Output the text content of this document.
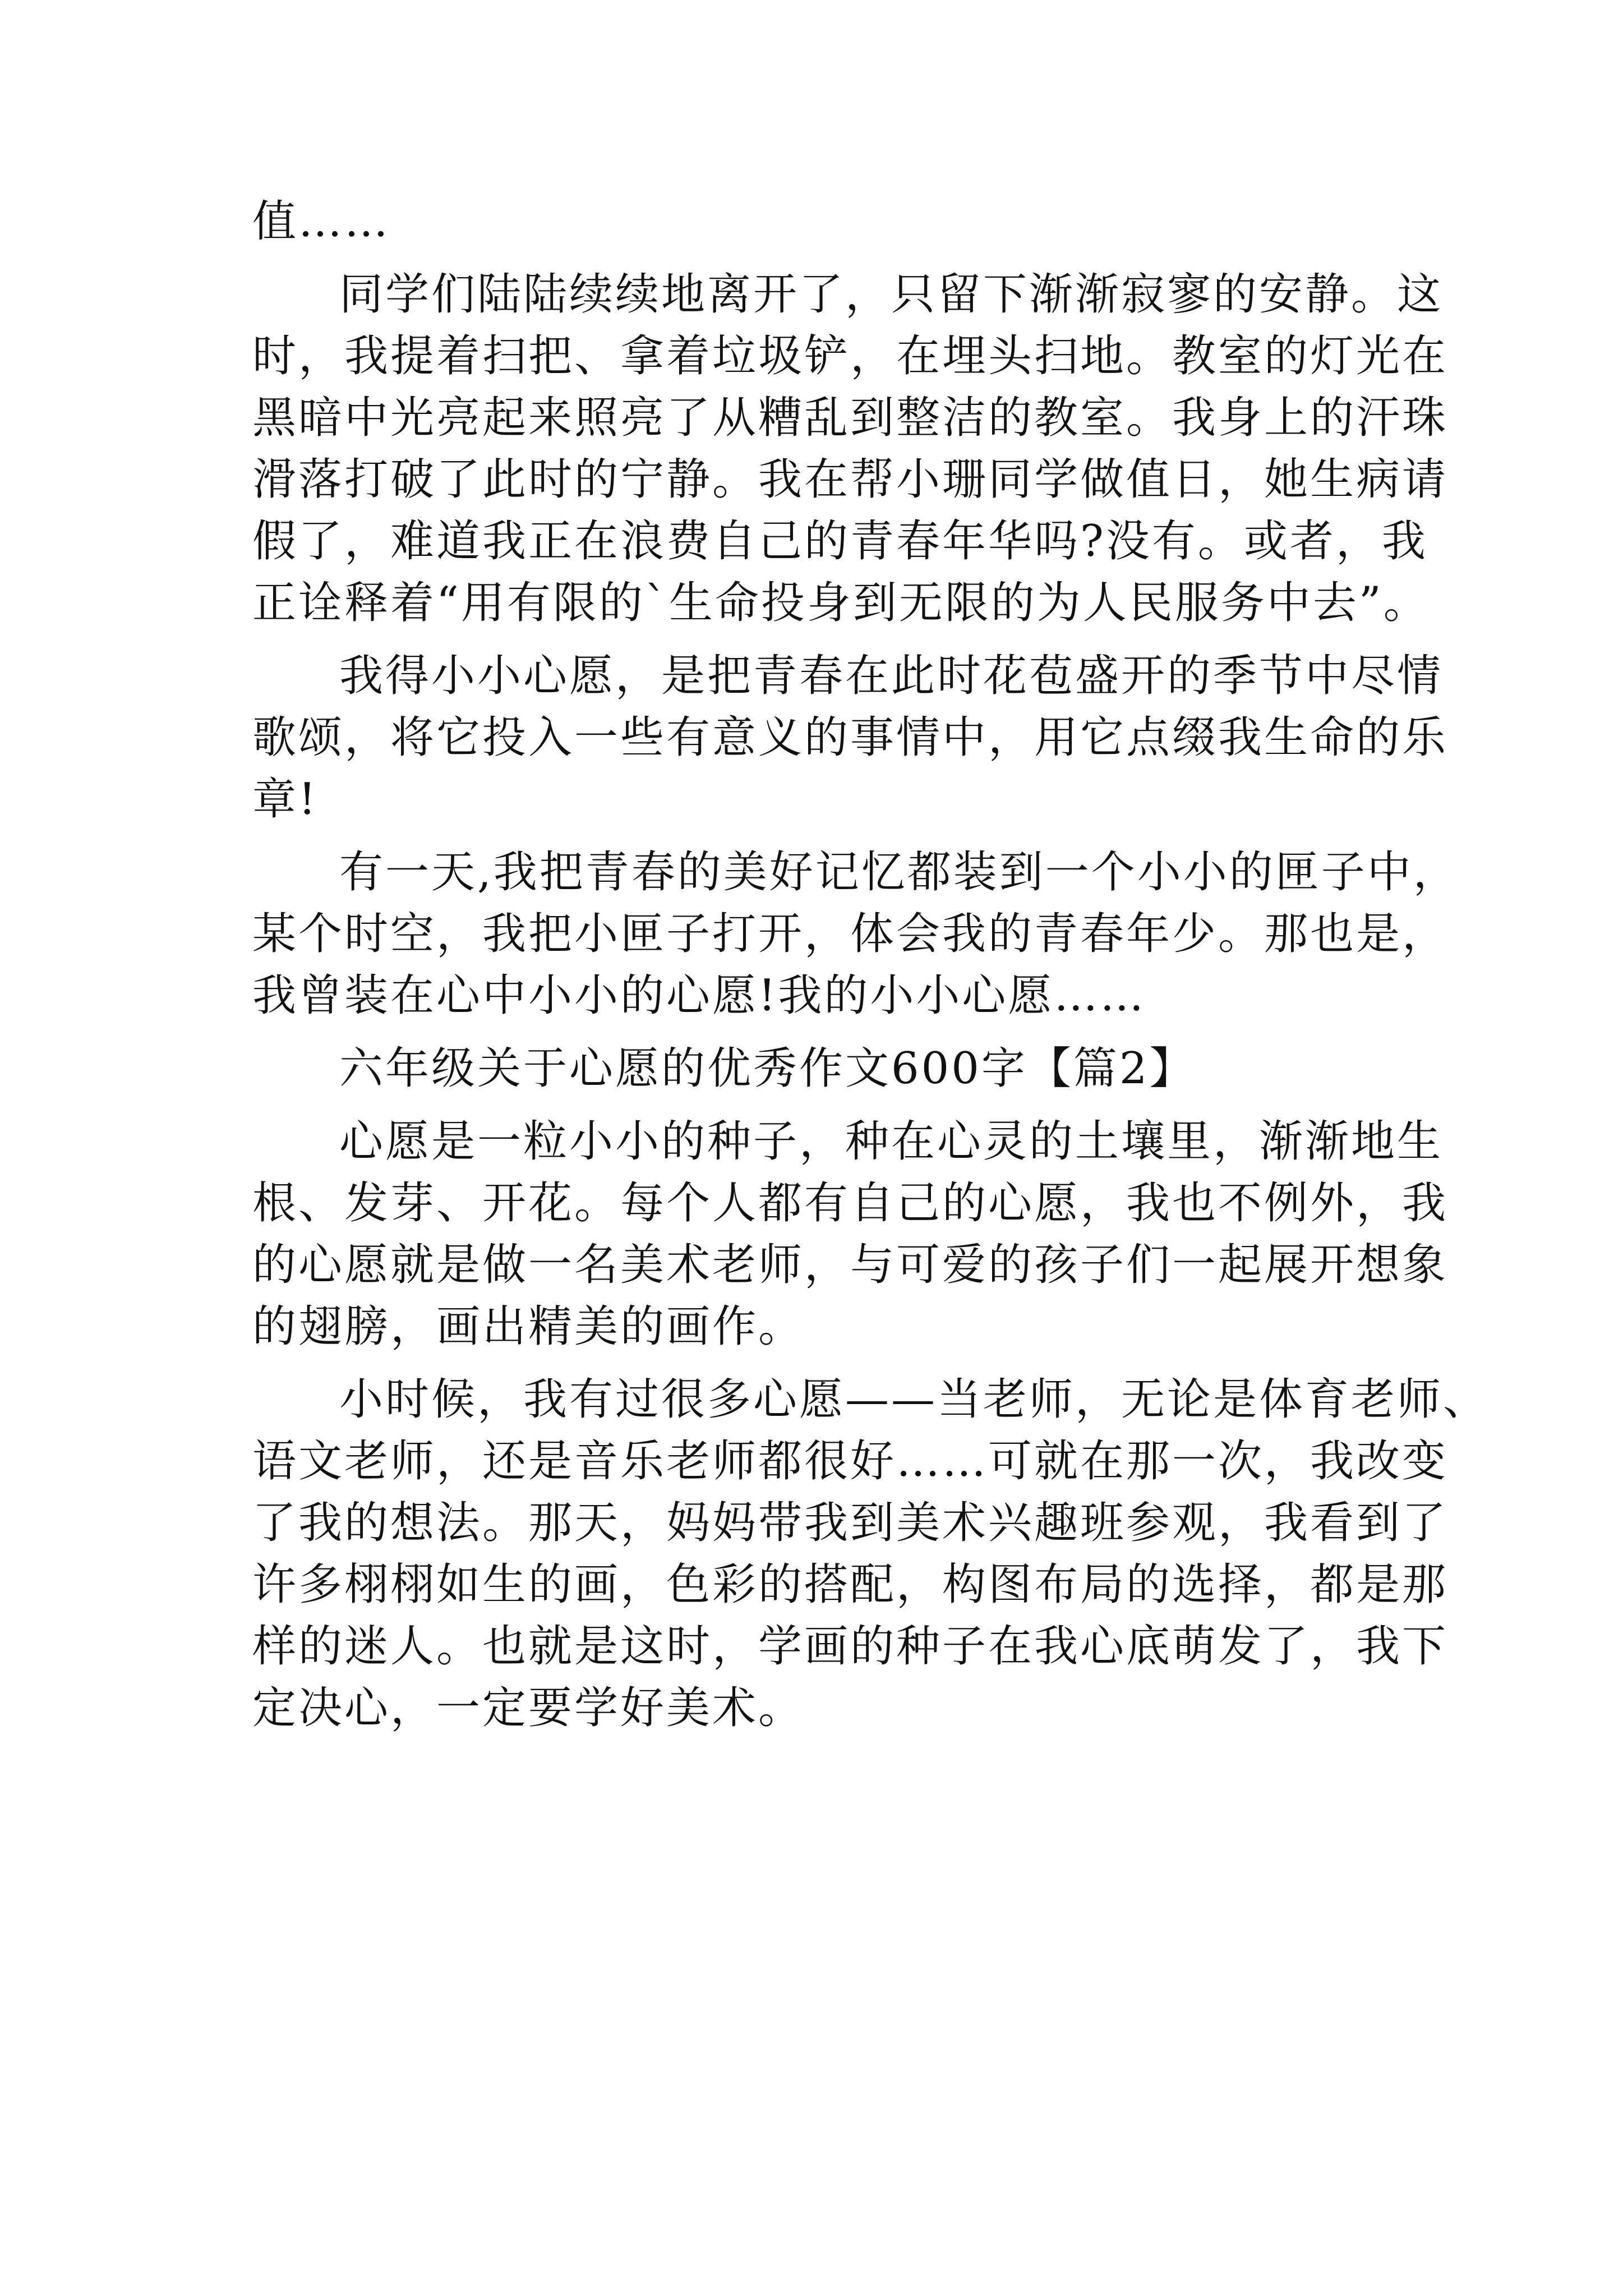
值……
同学们陆陆续续地离开了，只留下渐渐寂寥的安静。这
时，我提着扫把、拿着垃圾铲，在埋头扫地。教室的灯光在
黑暗中光亮起来照亮了从糟乱到整洁的教室。我身上的汗珠
滑落打破了此时的宁静。我在帮小珊同学做值日，她生病请
假了，难道我正在浪费自己的青春年华吗?没有。或者，我
正诠释着“用有限的`生命投身到无限的为人民服务中去”。
我得小小心愿，是把青春在此时花苞盛开的季节中尽情
歌颂，将它投入一些有意义的事情中，用它点缀我生命的乐
章!
有一天,我把青春的美好记忆都装到一个小小的匣子中，
某个时空，我把小匣子打开，体会我的青春年少。那也是，
我曾装在心中小小的心愿!我的小小心愿……
六年级关于心愿的优秀作文600字【篇2】
心愿是一粒小小的种子，种在心灵的土壤里，渐渐地生
根、发芽、开花。每个人都有自己的心愿，我也不例外，我
的心愿就是做一名美术老师，与可爱的孩子们一起展开想象
的翅膀，画出精美的画作。
小时候，我有过很多心愿——当老师，无论是体育老师、
语文老师，还是音乐老师都很好……可就在那一次，我改变
了我的想法。那天，妈妈带我到美术兴趣班参观，我看到了
许多栩栩如生的画，色彩的搭配，构图布局的选择，都是那
样的迷人。也就是这时，学画的种子在我心底萌发了，我下
定决心，一定要学好美术。
